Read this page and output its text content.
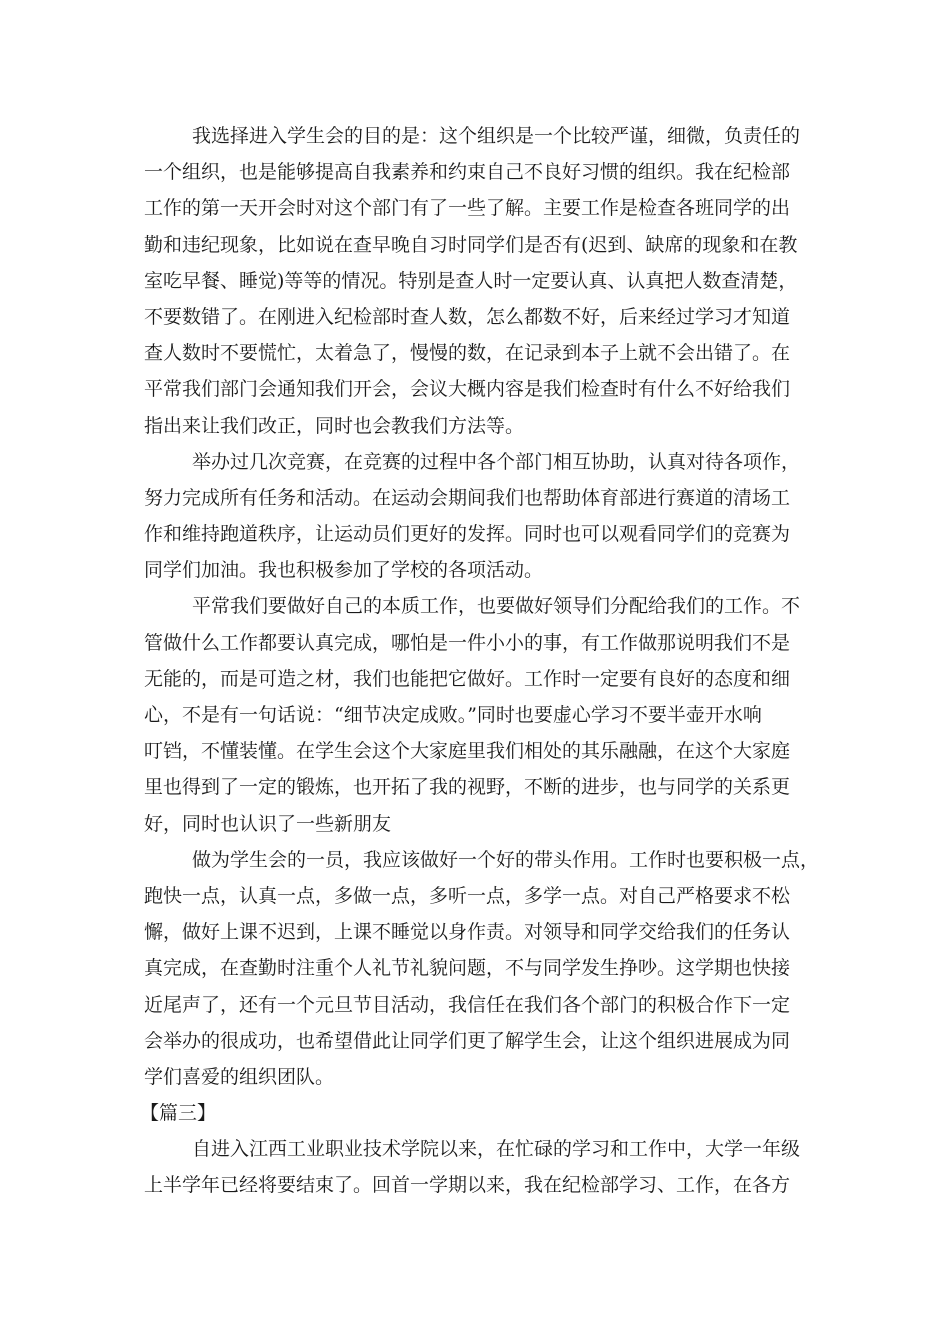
我选择进入学生会的目的是：这个组织是一个比较严谨，细微，负责任的
一个组织，也是能够提高自我素养和约束自己不良好习惯的组织。我在纪检部
工作的第一天开会时对这个部门有了一些了解。主要工作是检查各班同学的出
勤和违纪现象，比如说在查早晚自习时同学们是否有(迟到、缺席的现象和在教
室吃早餐、睡觉)等等的情况。特别是查人时一定要认真、认真把人数查清楚，
不要数错了。在刚进入纪检部时查人数，怎么都数不好，后来经过学习才知道
查人数时不要慌忙，太着急了，慢慢的数，在记录到本子上就不会出错了。在
平常我们部门会通知我们开会，会议大概内容是我们检查时有什么不好给我们
指出来让我们改正，同时也会教我们方法等。
举办过几次竞赛，在竞赛的过程中各个部门相互协助，认真对待各项作，
努力完成所有任务和活动。在运动会期间我们也帮助体育部进行赛道的清场工
作和维持跑道秩序，让运动员们更好的发挥。同时也可以观看同学们的竞赛为
同学们加油。我也积极参加了学校的各项活动。
平常我们要做好自己的本质工作，也要做好领导们分配给我们的工作。不
管做什么工作都要认真完成，哪怕是一件小小的事，有工作做那说明我们不是
无能的，而是可造之材，我们也能把它做好。工作时一定要有良好的态度和细
心，不是有一句话说：“细节决定成败。”同时也要虚心学习不要半壶开水响
叮铛，不懂装懂。在学生会这个大家庭里我们相处的其乐融融，在这个大家庭
里也得到了一定的锻炼，也开拓了我的视野，不断的进步，也与同学的关系更
好，同时也认识了一些新朋友
做为学生会的一员，我应该做好一个好的带头作用。工作时也要积极一点，
跑快一点，认真一点，多做一点，多听一点，多学一点。对自己严格要求不松
懈，做好上课不迟到，上课不睡觉以身作责。对领导和同学交给我们的任务认
真完成，在查勤时注重个人礼节礼貌问题，不与同学发生挣吵。这学期也快接
近尾声了，还有一个元旦节目活动，我信任在我们各个部门的积极合作下一定
会举办的很成功，也希望借此让同学们更了解学生会，让这个组织进展成为同
学们喜爱的组织团队。
【篇三】
自进入江西工业职业技术学院以来，在忙碌的学习和工作中，大学一年级
上半学年已经将要结束了。回首一学期以来，我在纪检部学习、工作，在各方
